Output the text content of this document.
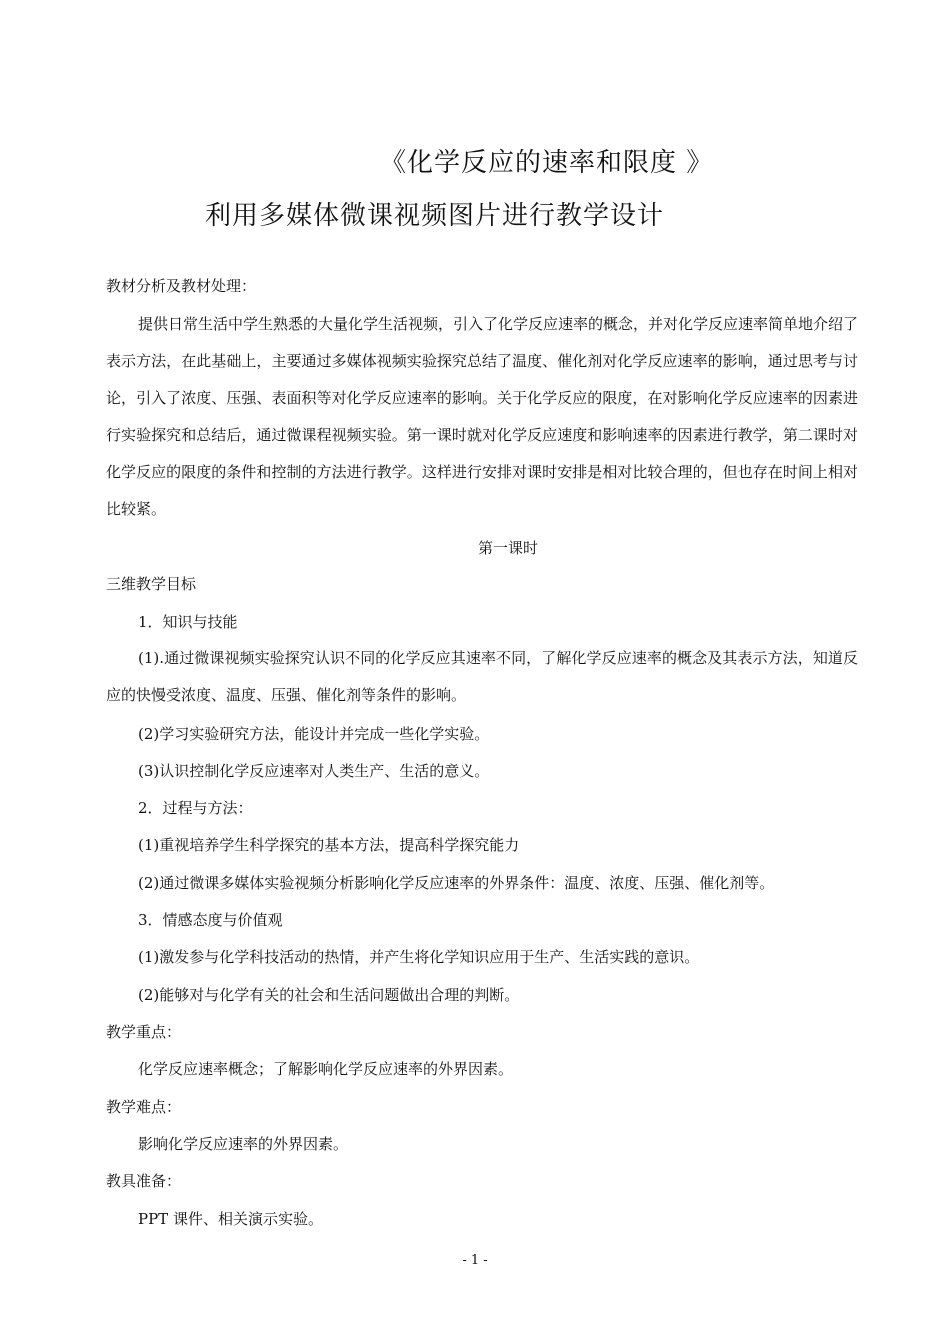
《化学反应的速率和限度 》
利用多媒体微课视频图片进行教学设计
教材分析及教材处理：

提供日常生活中学生熟悉的大量化学生活视频，引入了化学反应速率的概念，并对化学反应速率简单地介绍了表示方法，在此基础上，主要通过多媒体视频实验探究总结了温度、催化剂对化学反应速率的影响，通过思考与讨论，引入了浓度、压强、表面积等对化学反应速率的影响。关于化学反应的限度，在对影响化学反应速率的因素进行实验探究和总结后，通过微课程视频实验。第一课时就对化学反应速度和影响速率的因素进行教学，第二课时对化学反应的限度的条件和控制的方法进行教学。这样进行安排对课时安排是相对比较合理的，但也存在时间上相对比较紧。

第一课时
三维教学目标
1．知识与技能

(1).通过微课视频实验探究认识不同的化学反应其速率不同，了解化学反应速率的概念及其表示方法，知道反应的快慢受浓度、温度、压强、催化剂等条件的影响。

(2)学习实验研究方法，能设计并完成一些化学实验。
(3)认识控制化学反应速率对人类生产、生活的意义。
2．过程与方法：
(1)重视培养学生科学探究的基本方法，提高科学探究能力
(2)通过微课多媒体实验视频分析影响化学反应速率的外界条件：温度、浓度、压强、催化剂等。
3．情感态度与价值观
(1)激发参与化学科技活动的热情，并产生将化学知识应用于生产、生活实践的意识。
(2)能够对与化学有关的社会和生活问题做出合理的判断。
教学重点：
化学反应速率概念；了解影响化学反应速率的外界因素。
教学难点：
影响化学反应速率的外界因素。
教具准备：
PPT 课件、相关演示实验。
- 1 -
